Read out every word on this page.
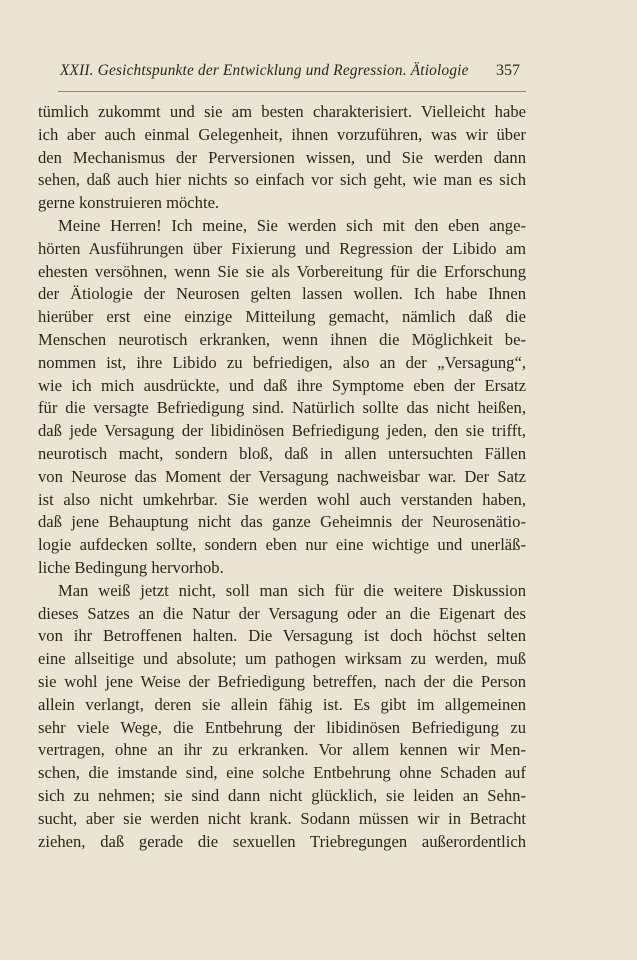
XXII. Gesichtspunkte der Entwicklung und Regression. Ätiologie 357
tümlich zukommt und sie am besten charakterisiert. Vielleicht habe
ich aber auch einmal Gelegenheit, ihnen vorzuführen, was wir über
den Mechanismus der Perversionen wissen, und Sie werden dann
sehen, daß auch hier nichts so einfach vor sich geht, wie man es sich
gerne konstruieren möchte.
Meine Herren! Ich meine, Sie werden sich mit den eben ange-
hörten Ausführungen über Fixierung und Regression der Libido am
ehesten versöhnen, wenn Sie sie als Vorbereitung für die Erforschung
der Ätiologie der Neurosen gelten lassen wollen. Ich habe Ihnen
hierüber erst eine einzige Mitteilung gemacht, nämlich daß die
Menschen neurotisch erkranken, wenn ihnen die Möglichkeit be-
nommen ist, ihre Libido zu befriedigen, also an der „Versagung“,
wie ich mich ausdrückte, und daß ihre Symptome eben der Ersatz
für die versagte Befriedigung sind. Natürlich sollte das nicht heißen,
daß jede Versagung der libidinösen Befriedigung jeden, den sie trifft,
neurotisch macht, sondern bloß, daß in allen untersuchten Fällen
von Neurose das Moment der Versagung nachweisbar war. Der Satz
ist also nicht umkehrbar. Sie werden wohl auch verstanden haben,
daß jene Behauptung nicht das ganze Geheimnis der Neurosenätio-
logie aufdecken sollte, sondern eben nur eine wichtige und unerläß-
liche Bedingung hervorhob.
Man weiß jetzt nicht, soll man sich für die weitere Diskussion
dieses Satzes an die Natur der Versagung oder an die Eigenart des
von ihr Betroffenen halten. Die Versagung ist doch höchst selten
eine allseitige und absolute; um pathogen wirksam zu werden, muß
sie wohl jene Weise der Befriedigung betreffen, nach der die Person
allein verlangt, deren sie allein fähig ist. Es gibt im allgemeinen
sehr viele Wege, die Entbehrung der libidinösen Befriedigung zu
vertragen, ohne an ihr zu erkranken. Vor allem kennen wir Men-
schen, die imstande sind, eine solche Entbehrung ohne Schaden auf
sich zu nehmen; sie sind dann nicht glücklich, sie leiden an Sehn-
sucht, aber sie werden nicht krank. Sodann müssen wir in Betracht
ziehen, daß gerade die sexuellen Triebregungen außerordentlich
